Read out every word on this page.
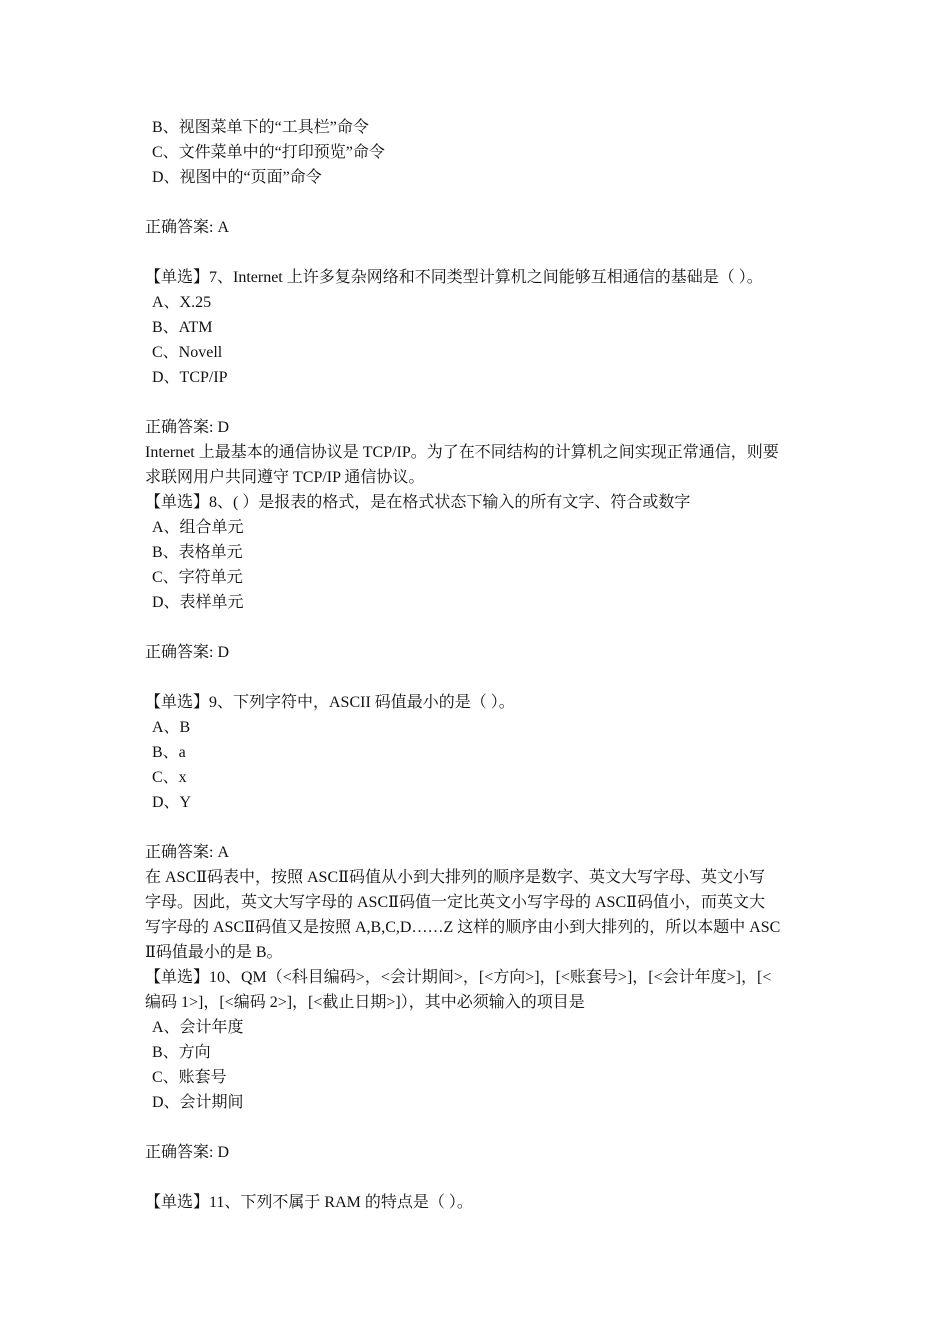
B、视图菜单下的“工具栏”命令
C、文件菜单中的“打印预览”命令
D、视图中的“页面”命令
正确答案: A
【单选】7、Internet 上许多复杂网络和不同类型计算机之间能够互相通信的基础是（ ）。
A、X.25
B、ATM
C、Novell
D、TCP/IP
正确答案: D
Internet 上最基本的通信协议是 TCP/IP。为了在不同结构的计算机之间实现正常通信，则要
求联网用户共同遵守 TCP/IP 通信协议。
【单选】8、( ）是报表的格式，是在格式状态下输入的所有文字、符合或数字
A、组合单元
B、表格单元
C、字符单元
D、表样单元
正确答案: D
【单选】9、下列字符中，ASCII 码值最小的是（ ）。
A、B
B、a
C、x
D、Y
正确答案: A
在 ASCⅡ码表中，按照 ASCⅡ码值从小到大排列的顺序是数字、英文大写字母、英文小写
字母。因此，英文大写字母的 ASCⅡ码值一定比英文小写字母的 ASCⅡ码值小，而英文大
写字母的 ASCⅡ码值又是按照 A,B,C,D……Z 这样的顺序由小到大排列的，所以本题中 ASC
Ⅱ码值最小的是 B。
【单选】10、QM（<科目编码>，<会计期间>，[<方向>]，[<账套号>]，[<会计年度>]，[<
编码 1>]，[<编码 2>]，[<截止日期>]），其中必须输入的项目是
A、会计年度
B、方向
C、账套号
D、会计期间
正确答案: D
【单选】11、下列不属于 RAM 的特点是（ ）。
